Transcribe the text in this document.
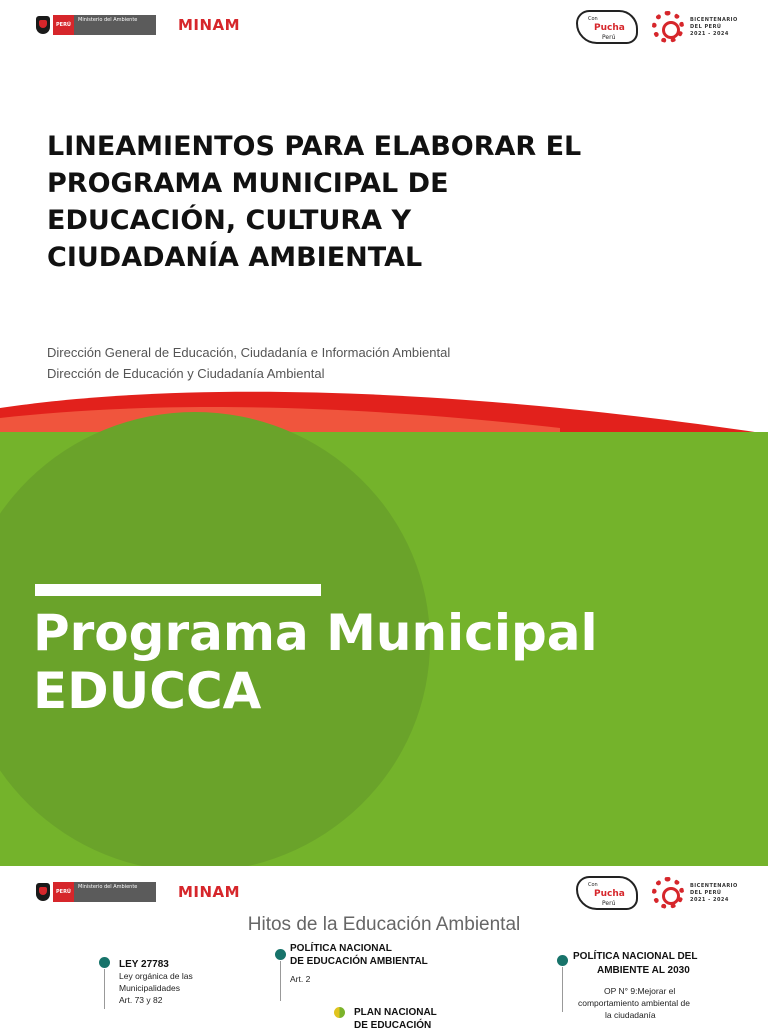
PERÚ
Ministerio del Ambiente	MINAM	Con
Pucha
Perú
BICENTENARIO
DEL PERÚ
2021 - 2024
LINEAMIENTOS PARA ELABORAR EL
PROGRAMA MUNICIPAL DE
EDUCACIÓN, CULTURA Y
CIUDADANÍA AMBIENTAL
Dirección General de Educación, Ciudadanía e Información Ambiental
Dirección de Educación y Ciudadanía Ambiental
Programa Municipal
EDUCCA
PERÚ
Ministerio del Ambiente	MINAM	Con
Pucha
Perú
BICENTENARIO
DEL PERÚ
2021 - 2024
Hitos de la Educación Ambiental
LEY 27783
Ley orgánica de las
Municipalidades
Art. 73 y 82
POLÍTICA NACIONAL
DE EDUCACIÓN AMBIENTAL
Art. 2
PLAN NACIONAL
DE EDUCACIÓN
POLÍTICA NACIONAL DEL
AMBIENTE AL 2030
OP N° 9:Mejorar el
comportamiento ambiental de
la ciudadanía
